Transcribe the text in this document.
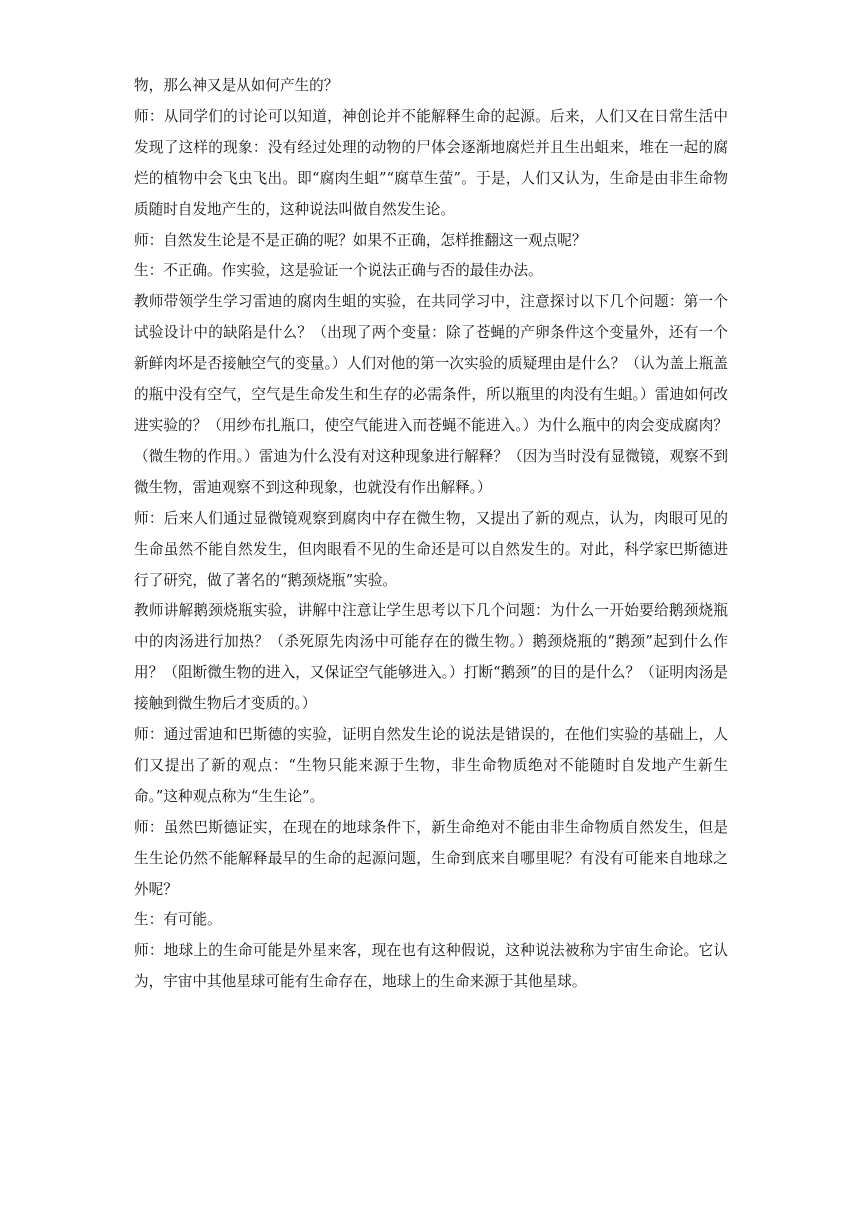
物，那么神又是从如何产生的？

师：从同学们的讨论可以知道，神创论并不能解释生命的起源。后来，人们又在日常生活中发现了这样的现象：没有经过处理的动物的尸体会逐渐地腐烂并且生出蛆来，堆在一起的腐烂的植物中会飞虫飞出。即“腐肉生蛆”“腐草生萤”。于是，人们又认为，生命是由非生命物质随时自发地产生的，这种说法叫做自然发生论。

师：自然发生论是不是正确的呢？如果不正确，怎样推翻这一观点呢？

生：不正确。作实验，这是验证一个说法正确与否的最佳办法。

教师带领学生学习雷迪的腐肉生蛆的实验，在共同学习中，注意探讨以下几个问题：第一个试验设计中的缺陷是什么？（出现了两个变量：除了苍蝇的产卵条件这个变量外，还有一个新鲜肉坏是否接触空气的变量。）人们对他的第一次实验的质疑理由是什么？（认为盖上瓶盖的瓶中没有空气，空气是生命发生和生存的必需条件，所以瓶里的肉没有生蛆。）雷迪如何改进实验的？（用纱布扎瓶口，使空气能进入而苍蝇不能进入。）为什么瓶中的肉会变成腐肉？（微生物的作用。）雷迪为什么没有对这种现象进行解释？（因为当时没有显微镜，观察不到微生物，雷迪观察不到这种现象，也就没有作出解释。）

师：后来人们通过显微镜观察到腐肉中存在微生物，又提出了新的观点，认为，肉眼可见的生命虽然不能自然发生，但肉眼看不见的生命还是可以自然发生的。对此，科学家巴斯德进行了研究，做了著名的“鹅颈烧瓶”实验。

教师讲解鹅颈烧瓶实验，讲解中注意让学生思考以下几个问题：为什么一开始要给鹅颈烧瓶中的肉汤进行加热？（杀死原先肉汤中可能存在的微生物。）鹅颈烧瓶的“鹅颈”起到什么作用？（阻断微生物的进入，又保证空气能够进入。）打断“鹅颈”的目的是什么？（证明肉汤是接触到微生物后才变质的。）

师：通过雷迪和巴斯德的实验，证明自然发生论的说法是错误的，在他们实验的基础上，人们又提出了新的观点：“生物只能来源于生物，非生命物质绝对不能随时自发地产生新生命。”这种观点称为“生生论”。

师：虽然巴斯德证实，在现在的地球条件下，新生命绝对不能由非生命物质自然发生，但是生生论仍然不能解释最早的生命的起源问题，生命到底来自哪里呢？有没有可能来自地球之外呢？

生：有可能。

师：地球上的生命可能是外星来客，现在也有这种假说，这种说法被称为宇宙生命论。它认为，宇宙中其他星球可能有生命存在，地球上的生命来源于其他星球。
